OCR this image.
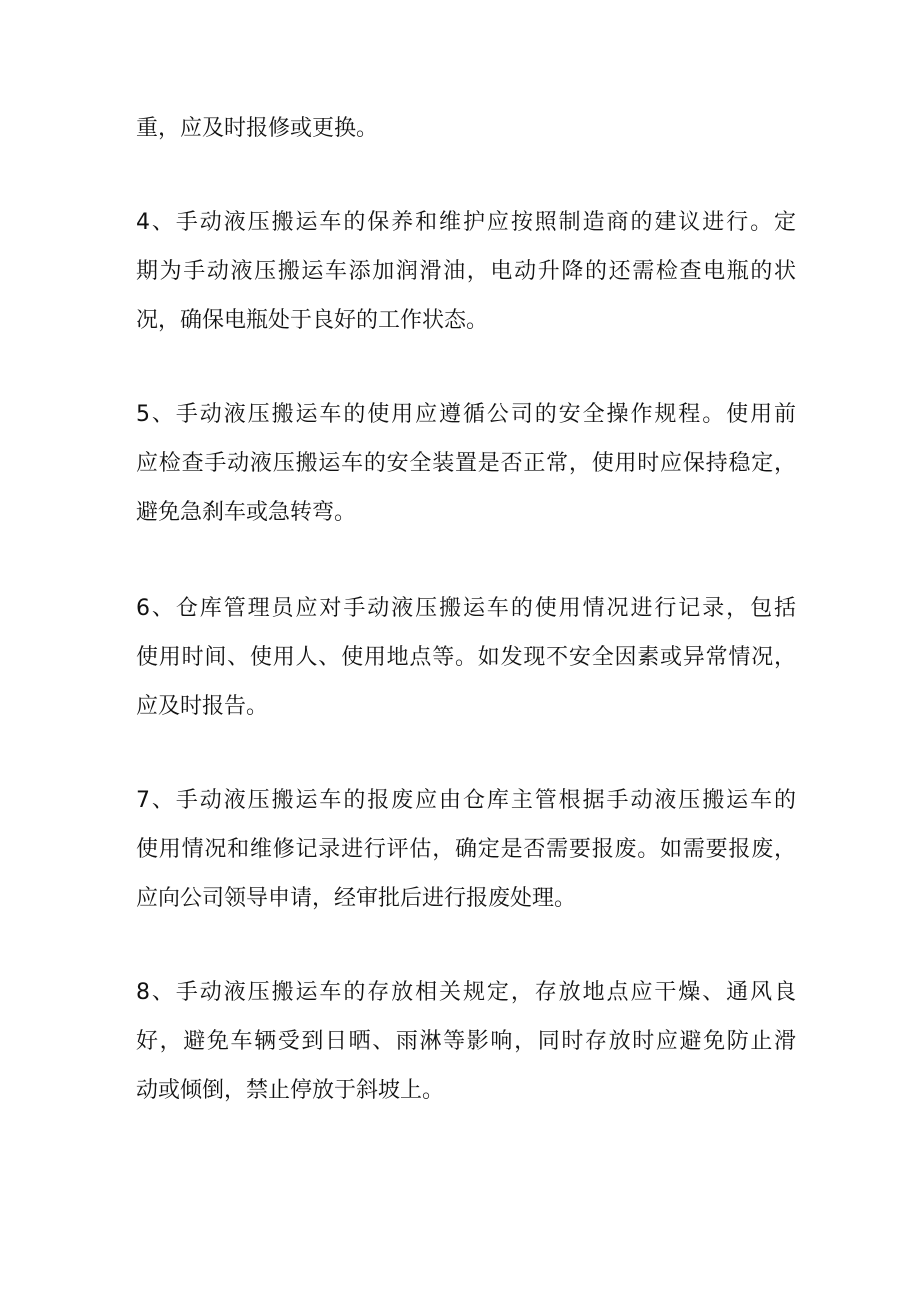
重，应及时报修或更换。

4、手动液压搬运车的保养和维护应按照制造商的建议进行。定
期为手动液压搬运车添加润滑油，电动升降的还需检查电瓶的状
况，确保电瓶处于良好的工作状态。

5、手动液压搬运车的使用应遵循公司的安全操作规程。使用前
应检查手动液压搬运车的安全装置是否正常，使用时应保持稳定，
避免急刹车或急转弯。

6、仓库管理员应对手动液压搬运车的使用情况进行记录，包括
使用时间、使用人、使用地点等。如发现不安全因素或异常情况，
应及时报告。

7、手动液压搬运车的报废应由仓库主管根据手动液压搬运车的
使用情况和维修记录进行评估，确定是否需要报废。如需要报废，
应向公司领导申请，经审批后进行报废处理。

8、手动液压搬运车的存放相关规定，存放地点应干燥、通风良
好，避免车辆受到日晒、雨淋等影响，同时存放时应避免防止滑
动或倾倒，禁止停放于斜坡上。
